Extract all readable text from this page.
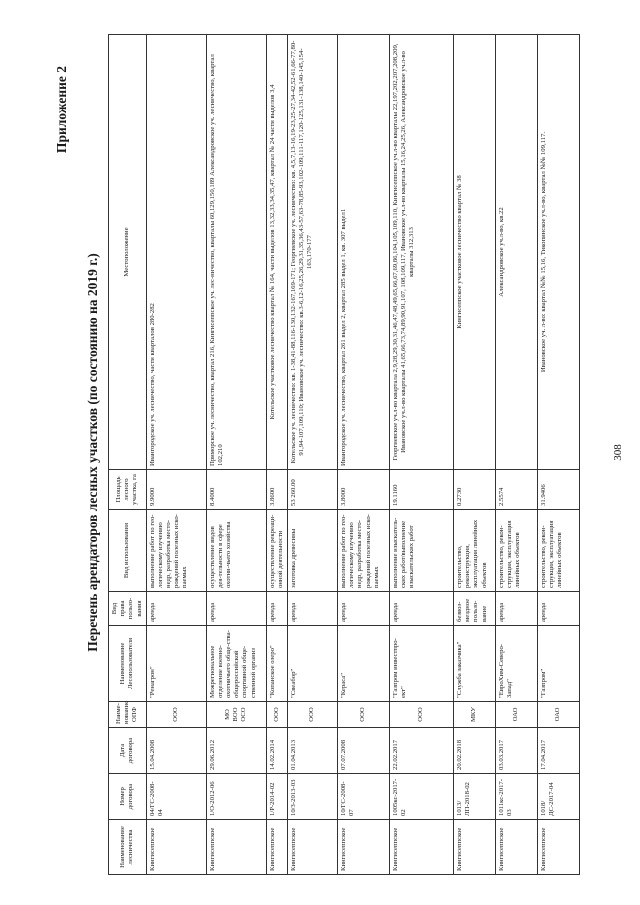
Приложение 2
Перечень арендаторов лесных участков (по состоянию на 2019 г.)
Наименование лесничества	Номер договора	Дата договора	Наиме-нование ОПФ	Наименование Лесопользователя	Вид права пользо-вания	Вид использования	Площадь лесного участка, га	Местоположение
Кингисеппское	04/ГС-2008-04	15.04.2008	ООО	"Ренагрон"	аренда	выполнение работ по гео-логическому изучению недр, разработка место-рождений полезных иско-паемых	9.9000	Ивангородское уч. лесничество, части кварталов 280-282
Кингисеппское	1/О-2012-06	29.06.2012	МО ВОО ОСО	Межрегиональное отделение военно-охотничьего обще-ства-общероссийской спортивной обще-ственной организ	аренда	осуществление видов дея-тельности в сфере охотни-чьего хозяйства	8.4000	Приморское уч. лесничество, квартал 216, Кингисеппское уч. лес-ничество, кварталы 60,129,150,189 Александровское уч. лесничество, квартал 102,210
Кингисеппское	1/Р-2014-02	14.02.2014	ООО	"Копанское озеро"	аренда	осуществление рекреаци-онной деятельности	3.8600	Котельское участковое лесничество квартал № 164, части выделов 13,32,33,34,35,47, квартал № 24 части выделов 3,4
Кингисеппское	10/З-2013-03	01.04.2013	ООО	"Свеабор"	аренда	заготовка древесины	53 260.00	Котельское уч. лесничество: кв. 1-38,41-88,116-130,132-167,169-171; Георгиевское уч. лесничество: кв. 4,5,7,13-16,19-23,25-27,34-42,52-61,66-77,80-91,94-107,109,110; Ивановское уч. лесничество: кв.3-6,12-16,25,26,29,31,35,36,43-57,63-78,85-93,102-109,111-117,120-125,131-138,140-145,154-163,170-177
Кингисеппское	10/ГС-2008-07	07.07.2008	ООО	"Кераса"	аренда	выполнение работ по гео-логическому изучению недр, разработка место-рождений полезных иско-паемых	3.8000	Ивангородское уч. лесничество, квартал 261 выдел 2, квартал 285 выдел 1, кв. 307 выдел1
Кингисеппское	1005кс-2017-02	22.02.2017	ООО	"Газпром инвестпро-ект"	аренда	выполнение изыскатель-ских работ/выполнение изыскательских работ	19.1160	Георгиевское уч.л-во квартала 2,9,28,29,30,31,46,47,48,49,65,66,67,69,86,104,105,109,110, Кингисеппское уч.л-во кварталы 22,197,202,207,208,209, Ивановское уч.л-во кварталы 41,65,66,73,74,89,90,91,107, 108,109,117, Ивановское уч.л-во кварталы 15,16,24,25,26, Александровское уч.л-во кварталы 312,313
Кингисеппское	1013/ЛП-2018-02	20.02.2018	МКУ	"Служба заказчика"	безвоз-мездное пользо-вание	строительство, реконструкция, эксплуатация линейных объектов	0.2730	Кингисеппское участковое лесничество квартал № 38
Кингисеппское	1011кс-2017-03	03.03.2017	ОАО	"ЕвроХим-Северо-Запад"	аренда	строительство, рекон-струкция, эксплуатация линейных объектов	2.5574	Александровское уч.л-во, кв.22
Кингисеппское	1018/ДС-2017-04	17.04.2017	ОАО	"Газпром"	аренда	строительство, рекон-струкция, эксплуатация линейных объектов	31.9406	Ивановское уч. л-во: квартал №№ 15,16, Тикопинское уч.л-во, квартал №№ 109,117.
308
